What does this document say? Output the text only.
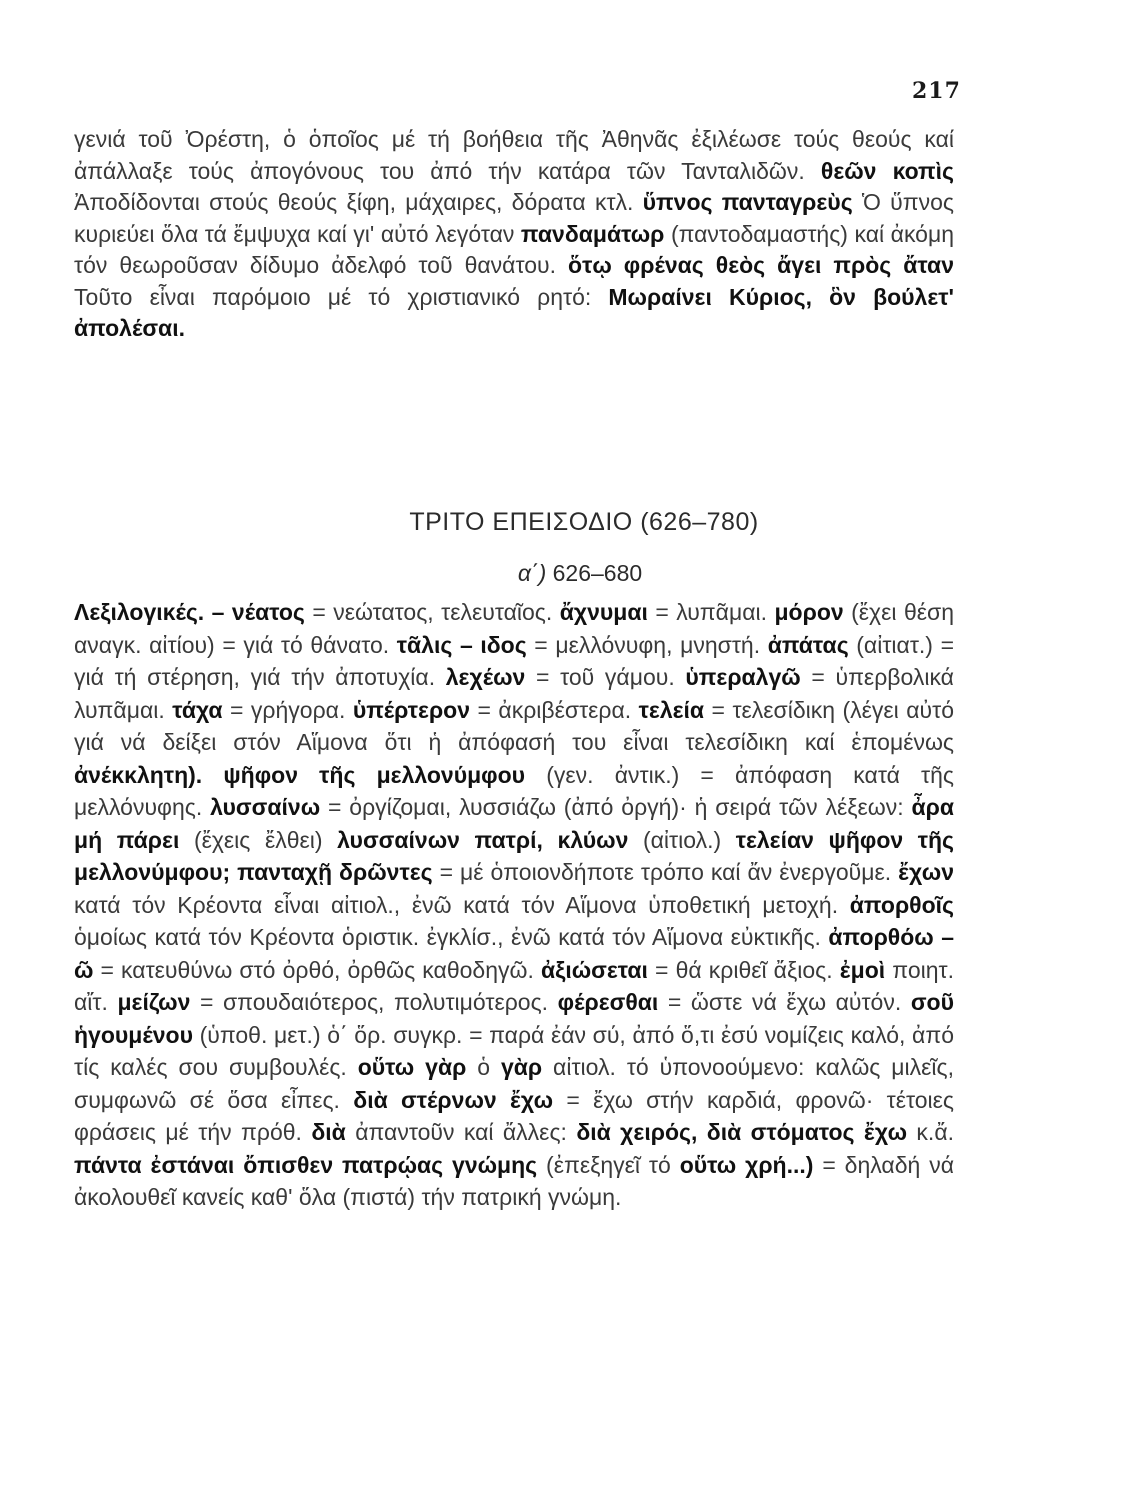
217
γενιά τοῦ Ὀρέστη, ὁ ὁποῖος μέ τή βοήθεια τῆς Ἀθηνᾶς ἐξιλέωσε τούς θεούς καί ἀπάλλαξε τούς ἀπογόνους του ἀπό τήν κατάρα τῶν Τανταλιδῶν. θεῶν κοπὶς Ἀποδίδονται στούς θεούς ξίφη, μάχαιρες, δόρατα κτλ. ὕπνος πανταγρεὺς Ὁ ὕπνος κυριεύει ὅλα τά ἔμψυχα καί γι' αὐτό λεγόταν πανδαμάτωρ (παντοδαμαστής) καί ἀκόμη τόν θεωροῦσαν δίδυμο ἀδελφό τοῦ θανάτου. ὅτῳ φρένας θεὸς ἄγει πρὸς ἄταν Τοῦτο εἶναι παρόμοιο μέ τό χριστιανικό ρητό: Μωραίνει Κύριος, ὃν βούλετ' ἀπολέσαι.
ΤΡΙΤΟ ΕΠΕΙΣΟΔΙΟ (626–780)
α΄) 626–680
Λεξιλογικές. – νέατος = νεώτατος, τελευταῖος. ἄχνυμαι = λυπᾶμαι. μόρον (ἔχει θέση αναγκ. αἰτίου) = γιά τό θάνατο. τᾶλις – ιδος = μελλόνυφη, μνηστή. ἀπάτας (αἰτιατ.) = γιά τή στέρηση, γιά τήν ἀποτυχία. λεχέων = τοῦ γάμου. ὑπεραλγῶ = ὑπερβολικά λυπᾶμαι. τάχα = γρήγορα. ὑπέρτερον = ἀκριβέστερα. τελεία = τελεσίδικη (λέγει αὐτό γιά νά δείξει στόν Αἵμονα ὅτι ἡ ἀπόφασή του εἶναι τελεσίδικη καί ἑπομένως ἀνέκκλητη). ψῆφον τῆς μελλονύμφου (γεν. ἀντικ.) = ἀπόφαση κατά τῆς μελλόνυφης. λυσσαίνω = ὀργίζομαι, λυσσιάζω (ἀπό ὀργή)· ἡ σειρά τῶν λέξεων: ἆρα μή πάρει (ἔχεις ἔλθει) λυσσαίνων πατρί, κλύων (αἰτιολ.) τελείαν ψῆφον τῆς μελλονύμφου; πανταχῇ δρῶντες = μέ ὁποιονδήποτε τρόπο καί ἄν ἐνεργοῦμε. ἔχων κατά τόν Κρέοντα εἶναι αἰτιολ., ἐνῶ κατά τόν Αἵμονα ὑποθετική μετοχή. ἀπορθοῖς ὁμοίως κατά τόν Κρέοντα ὁριστικ. ἐγκλίσ., ἐνῶ κατά τόν Αἵμονα εὐκτικῆς. ἀπορθόω – ῶ = κατευθύνω στό ὀρθό, ὀρθῶς καθοδηγῶ. ἀξιώσεται = θά κριθεῖ ἄξιος. ἐμοὶ ποιητ. αἴτ. μείζων = σπουδαιότερος, πολυτιμότερος. φέρεσθαι = ὥστε νά ἔχω αὐτόν. σοῦ ἡγουμένου (ὑποθ. μετ.) ὁ΄ ὅρ. συγκρ. = παρά ἐάν σύ, ἀπό ὅ,τι ἐσύ νομίζεις καλό, ἀπό τίς καλές σου συμβουλές. οὕτω γὰρ ὁ γὰρ αἰτιολ. τό ὑπονοούμενο: καλῶς μιλεῖς, συμφωνῶ σέ ὅσα εἶπες. διὰ στέρνων ἔχω = ἔχω στήν καρδιά, φρονῶ· τέτοιες φράσεις μέ τήν πρόθ. διὰ ἀπαντοῦν καί ἄλλες: διὰ χειρός, διὰ στόματος ἔχω κ.ἄ. πάντα ἐστάναι ὄπισθεν πατρῴας γνώμης (ἐπεξηγεῖ τό οὕτω χρή...) = δηλαδή νά ἀκολουθεῖ κανείς καθ' ὅλα (πιστά) τήν πατρική γνώμη.
